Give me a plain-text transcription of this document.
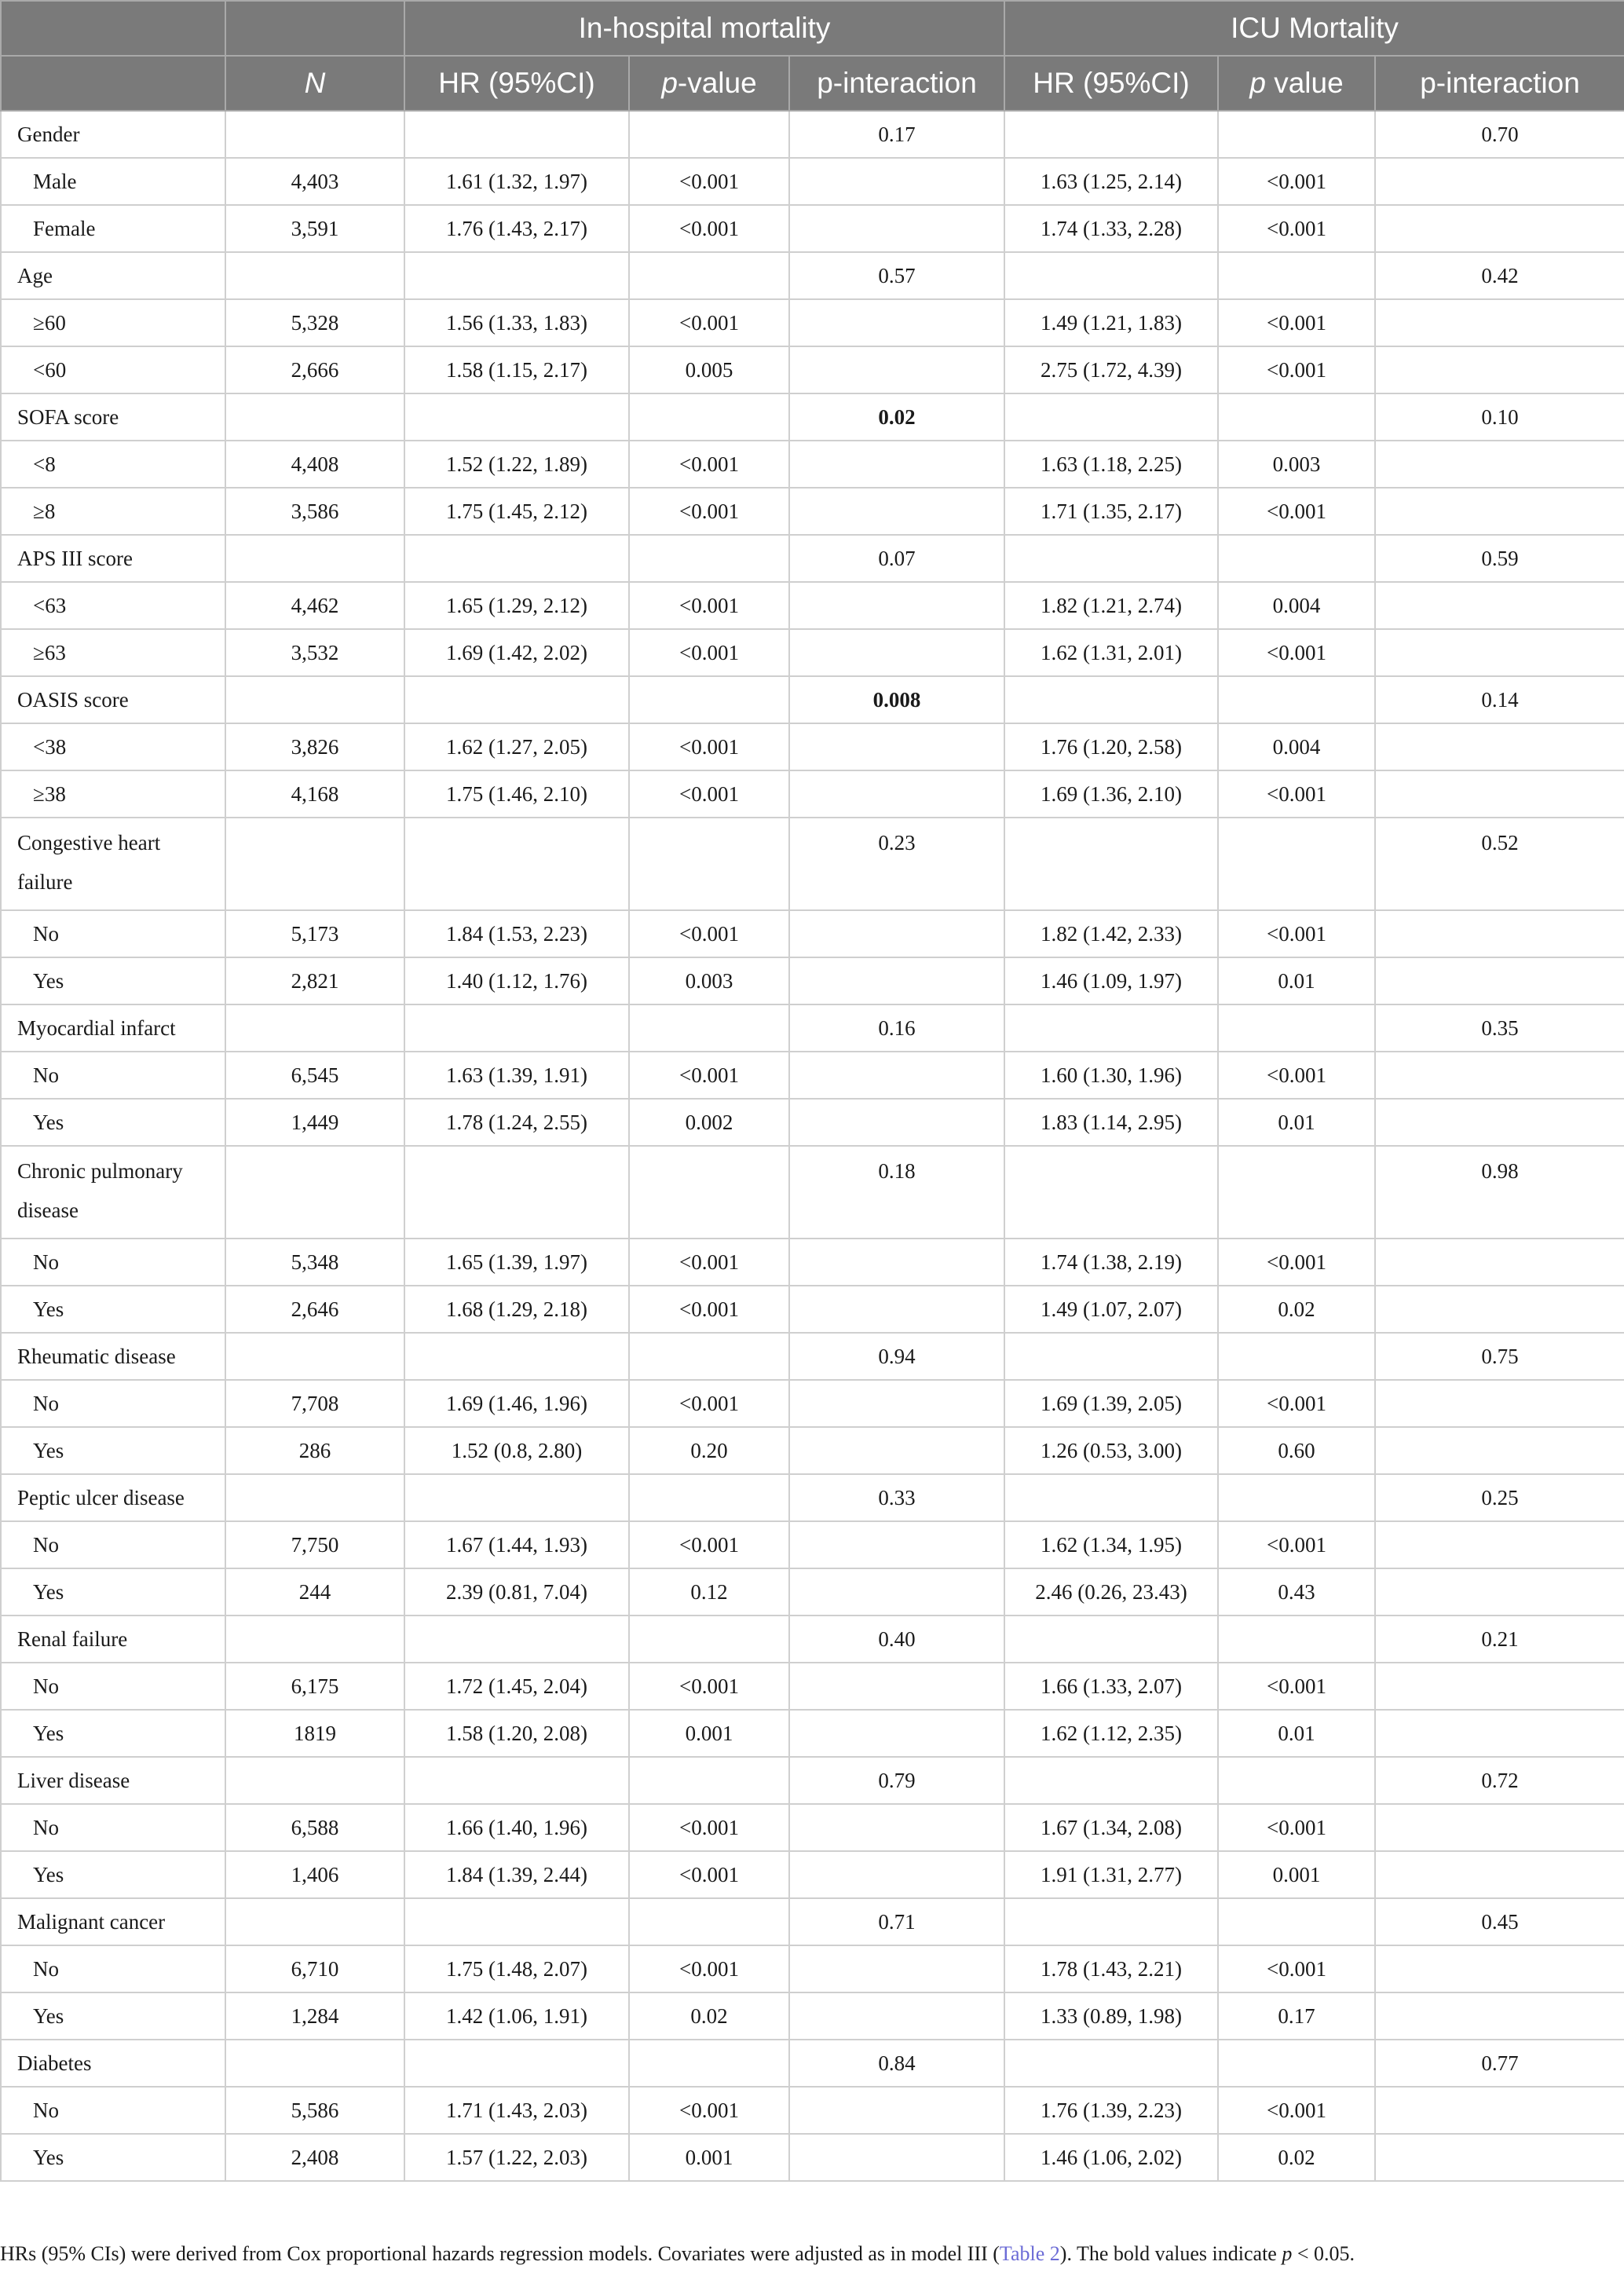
		In-hospital mortality			ICU Mortality		
	N	HR (95%CI)	p-value	p-interaction	HR (95%CI)	p value	p-interaction
Gender				0.17			0.70
Male	4,403	1.61 (1.32, 1.97)	<0.001		1.63 (1.25, 2.14)	<0.001	
Female	3,591	1.76 (1.43, 2.17)	<0.001		1.74 (1.33, 2.28)	<0.001	
Age				0.57			0.42
≥60	5,328	1.56 (1.33, 1.83)	<0.001		1.49 (1.21, 1.83)	<0.001	
<60	2,666	1.58 (1.15, 2.17)	0.005		2.75 (1.72, 4.39)	<0.001	
SOFA score				0.02			0.10
<8	4,408	1.52 (1.22, 1.89)	<0.001		1.63 (1.18, 2.25)	0.003	
≥8	3,586	1.75 (1.45, 2.12)	<0.001		1.71 (1.35, 2.17)	<0.001	
APS III score				0.07			0.59
<63	4,462	1.65 (1.29, 2.12)	<0.001		1.82 (1.21, 2.74)	0.004	
≥63	3,532	1.69 (1.42, 2.02)	<0.001		1.62 (1.31, 2.01)	<0.001	
OASIS score				0.008			0.14
<38	3,826	1.62 (1.27, 2.05)	<0.001		1.76 (1.20, 2.58)	0.004	
≥38	4,168	1.75 (1.46, 2.10)	<0.001		1.69 (1.36, 2.10)	<0.001	
Congestive heart failure				0.23			0.52
No	5,173	1.84 (1.53, 2.23)	<0.001		1.82 (1.42, 2.33)	<0.001	
Yes	2,821	1.40 (1.12, 1.76)	0.003		1.46 (1.09, 1.97)	0.01	
Myocardial infarct				0.16			0.35
No	6,545	1.63 (1.39, 1.91)	<0.001		1.60 (1.30, 1.96)	<0.001	
Yes	1,449	1.78 (1.24, 2.55)	0.002		1.83 (1.14, 2.95)	0.01	
Chronic pulmonary disease				0.18			0.98
No	5,348	1.65 (1.39, 1.97)	<0.001		1.74 (1.38, 2.19)	<0.001	
Yes	2,646	1.68 (1.29, 2.18)	<0.001		1.49 (1.07, 2.07)	0.02	
Rheumatic disease				0.94			0.75
No	7,708	1.69 (1.46, 1.96)	<0.001		1.69 (1.39, 2.05)	<0.001	
Yes	286	1.52 (0.8, 2.80)	0.20		1.26 (0.53, 3.00)	0.60	
Peptic ulcer disease				0.33			0.25
No	7,750	1.67 (1.44, 1.93)	<0.001		1.62 (1.34, 1.95)	<0.001	
Yes	244	2.39 (0.81, 7.04)	0.12		2.46 (0.26, 23.43)	0.43	
Renal failure				0.40			0.21
No	6,175	1.72 (1.45, 2.04)	<0.001		1.66 (1.33, 2.07)	<0.001	
Yes	1819	1.58 (1.20, 2.08)	0.001		1.62 (1.12, 2.35)	0.01	
Liver disease				0.79			0.72
No	6,588	1.66 (1.40, 1.96)	<0.001		1.67 (1.34, 2.08)	<0.001	
Yes	1,406	1.84 (1.39, 2.44)	<0.001		1.91 (1.31, 2.77)	0.001	
Malignant cancer				0.71			0.45
No	6,710	1.75 (1.48, 2.07)	<0.001		1.78 (1.43, 2.21)	<0.001	
Yes	1,284	1.42 (1.06, 1.91)	0.02		1.33 (0.89, 1.98)	0.17	
Diabetes				0.84			0.77
No	5,586	1.71 (1.43, 2.03)	<0.001		1.76 (1.39, 2.23)	<0.001	
Yes	2,408	1.57 (1.22, 2.03)	0.001		1.46 (1.06, 2.02)	0.02	
HRs (95% CIs) were derived from Cox proportional hazards regression models. Covariates were adjusted as in model III (Table 2). The bold values indicate p < 0.05.
